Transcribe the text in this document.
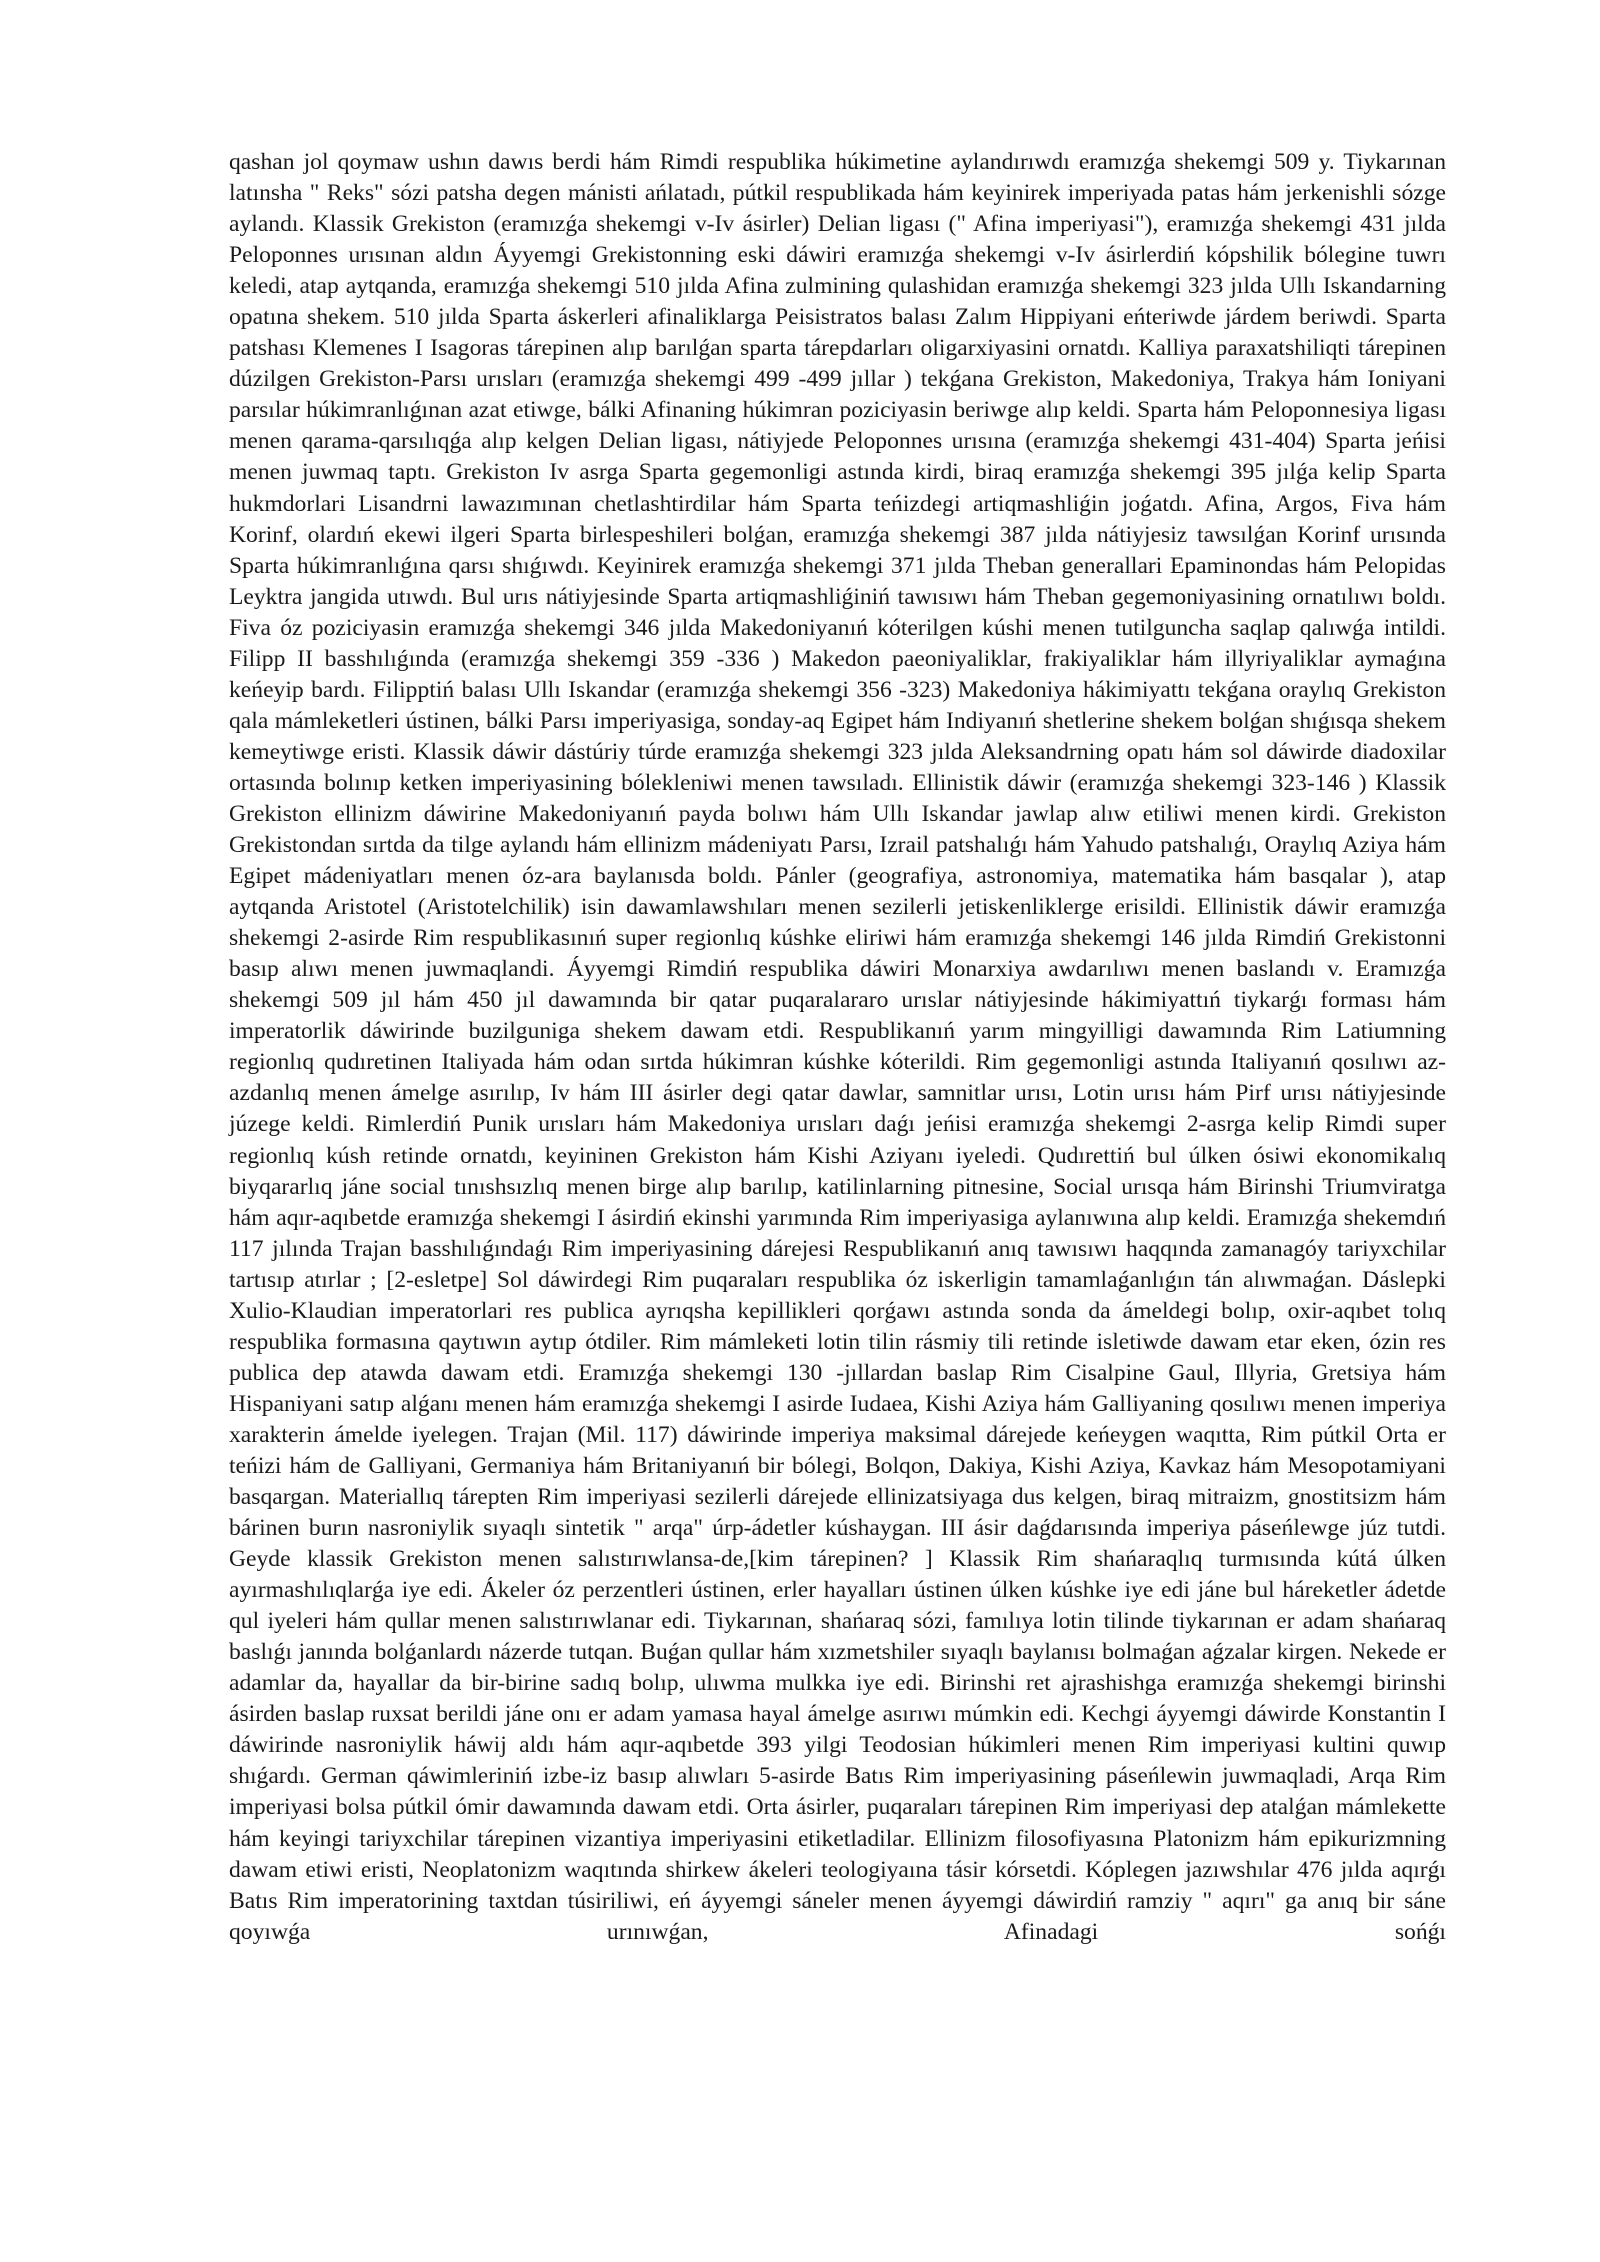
qashan jol qoymaw ushın dawıs berdi hám Rimdi respublika húkimetine aylandırıwdı eramızǵa shekemgi 509 y. Tiykarınan latınsha " Reks" sózi patsha degen mánisti ańlatadı, pútkil respublikada hám keyinirek imperiyada patas hám jerkenishli sózge aylandı. Klassik Grekiston (eramızǵa shekemgi v-Iv ásirler) Delian ligası (" Afina imperiyasi"), eramızǵa shekemgi 431 jılda Peloponnes urısınan aldın Áyyemgi Grekistonning eski dáwiri eramızǵa shekemgi v-Iv ásirlerdiń kópshilik bólegine tuwrı keledi, atap aytqanda, eramızǵa shekemgi 510 jılda Afina zulmining qulashidan eramızǵa shekemgi 323 jılda Ullı Iskandarning opatına shekem. 510 jılda Sparta áskerleri afinaliklarga Peisistratos balası Zalım Hippiyani eńteriwde járdem beriwdi. Sparta patshası Klemenes I Isagoras tárepinen alıp barılǵan sparta tárepdarları oligarxiyasini ornatdı. Kalliya paraxatshiliqti tárepinen dúzilgen Grekiston-Parsı urısları (eramızǵa shekemgi 499 -499 jıllar ) tekǵana Grekiston, Makedoniya, Trakya hám Ioniyani parsılar húkimranlıǵınan azat etiwge, bálki Afinaning húkimran poziciyasin beriwge alıp keldi. Sparta hám Peloponnesiya ligası menen qarama-qarsılıqǵa alıp kelgen Delian ligası, nátiyjede Peloponnes urısına (eramızǵa shekemgi 431-404) Sparta jeńisi menen juwmaq taptı. Grekiston Iv asrga Sparta gegemonligi astında kirdi, biraq eramızǵa shekemgi 395 jılǵa kelip Sparta hukmdorlari Lisandrni lawazımınan chetlashtirdilar hám Sparta teńizdegi artiqmashliǵin joǵatdı. Afina, Argos, Fiva hám Korinf, olardıń ekewi ilgeri Sparta birlespeshileri bolǵan, eramızǵa shekemgi 387 jılda nátiyjesiz tawsılǵan Korinf urısında Sparta húkimranlıǵına qarsı shıǵıwdı. Keyinirek eramızǵa shekemgi 371 jılda Theban generallari Epaminondas hám Pelopidas Leyktra jangida utıwdı. Bul urıs nátiyjesinde Sparta artiqmashliǵiniń tawısıwı hám Theban gegemoniyasining ornatılıwı boldı. Fiva óz poziciyasin eramızǵa shekemgi 346 jılda Makedoniyanıń kóterilgen kúshi menen tutilguncha saqlap qalıwǵa intildi. Filipp II basshılıǵında (eramızǵa shekemgi 359 -336 ) Makedon paeoniyaliklar, frakiyaliklar hám illyriyaliklar aymaǵına keńeyip bardı. Filipptiń balası Ullı Iskandar (eramızǵa shekemgi 356 -323) Makedoniya hákimiyattı tekǵana oraylıq Grekiston qala mámleketleri ústinen, bálki Parsı imperiyasiga, sonday-aq Egipet hám Indiyanıń shetlerine shekem bolǵan shıǵısqa shekem kemeytiwge eristi. Klassik dáwir dástúriy túrde eramızǵa shekemgi 323 jılda Aleksandrning opatı hám sol dáwirde diadoxilar ortasında bolınıp ketken imperiyasining bólekleniwi menen tawsıladı. Ellinistik dáwir (eramızǵa shekemgi 323-146 ) Klassik Grekiston ellinizm dáwirine Makedoniyanıń payda bolıwı hám Ullı Iskandar jawlap alıw etiliwi menen kirdi. Grekiston Grekistondan sırtda da tilge aylandı hám ellinizm mádeniyatı Parsı, Izrail patshalıǵı hám Yahudo patshalıǵı, Oraylıq Aziya hám Egipet mádeniyatları menen óz-ara baylanısda boldı. Pánler (geografiya, astronomiya, matematika hám basqalar ), atap aytqanda Aristotel (Aristotelchilik) isin dawamlawshıları menen sezilerli jetiskenliklerge erisildi. Ellinistik dáwir eramızǵa shekemgi 2-asirde Rim respublikasınıń super regionlıq kúshke eliriwi hám eramızǵa shekemgi 146 jılda Rimdiń Grekistonni basıp alıwı menen juwmaqlandi. Áyyemgi Rimdiń respublika dáwiri Monarxiya awdarılıwı menen baslandı v. Eramızǵa shekemgi 509 jıl hám 450 jıl dawamında bir qatar puqaralararo urıslar nátiyjesinde hákimiyattıń tiykarǵı forması hám imperatorlik dáwirinde buzilguniga shekem dawam etdi. Respublikanıń yarım mingyilligi dawamında Rim Latiumning regionlıq qudıretinen Italiyada hám odan sırtda húkimran kúshke kóterildi. Rim gegemonligi astında Italiyanıń qosılıwı az-azdanlıq menen ámelge asırılıp, Iv hám III ásirler degi qatar dawlar, samnitlar urısı, Lotin urısı hám Pirf urısı nátiyjesinde júzege keldi. Rimlerdiń Punik urısları hám Makedoniya urısları daǵı jeńisi eramızǵa shekemgi 2-asrga kelip Rimdi super regionlıq kúsh retinde ornatdı, keyininen Grekiston hám Kishi Aziyanı iyeledi. Qudırettiń bul úlken ósiwi ekonomikalıq biyqararlıq jáne social tınıshsızlıq menen birge alıp barılıp, katilinlarning pitnesine, Social urısqa hám Birinshi Triumviratga hám aqır-aqıbetde eramızǵa shekemgi I ásirdiń ekinshi yarımında Rim imperiyasiga aylanıwına alıp keldi. Eramızǵa shekemdıń 117 jılında Trajan basshılıǵındaǵı Rim imperiyasining dárejesi Respublikanıń anıq tawısıwı haqqında zamanagóy tariyxchilar tartısıp atırlar ; [2-esletpe] Sol dáwirdegi Rim puqaraları respublika óz iskerligin tamamlaǵanlıǵın tán alıwmaǵan. Dáslepki Xulio-Klaudian imperatorlari res publica ayrıqsha kepillikleri qorǵawı astında sonda da ámeldegi bolıp, oxir-aqıbet tolıq respublika formasına qaytıwın aytıp ótdiler. Rim mámleketi lotin tilin rásmiy tili retinde isletiwde dawam etar eken, ózin res publica dep atawda dawam etdi. Eramızǵa shekemgi 130 -jıllardan baslap Rim Cisalpine Gaul, Illyria, Gretsiya hám Hispaniyani satıp alǵanı menen hám eramızǵa shekemgi I asirde Iudaea, Kishi Aziya hám Galliyaning qosılıwı menen imperiya xarakterin ámelde iyelegen. Trajan (Mil. 117) dáwirinde imperiya maksimal dárejede keńeygen waqıtta, Rim pútkil Orta er teńizi hám de Galliyani, Germaniya hám Britaniyanıń bir bólegi, Bolqon, Dakiya, Kishi Aziya, Kavkaz hám Mesopotamiyani basqargan. Materiallıq tárepten Rim imperiyasi sezilerli dárejede ellinizatsiyaga dus kelgen, biraq mitraizm, gnostitsizm hám bárinen burın nasroniylik sıyaqlı sintetik " arqa" úrp-ádetler kúshaygan. III ásir daǵdarısında imperiya páseńlewge júz tutdi. Geyde klassik Grekiston menen salıstırıwlansa-de,[kim tárepinen? ] Klassik Rim shańaraqlıq turmısında kútá úlken ayırmashılıqlarǵa iye edi. Ákeler óz perzentleri ústinen, erler hayalları ústinen úlken kúshke iye edi jáne bul háreketler ádetde qul iyeleri hám qullar menen salıstırıwlanar edi. Tiykarınan, shańaraq sózi, famılıya lotin tilinde tiykarınan er adam shańaraq baslıǵı janında bolǵanlardı názerde tutqan. Buǵan qullar hám xızmetshiler sıyaqlı baylanısı bolmaǵan aǵzalar kirgen. Nekede er adamlar da, hayallar da bir-birine sadıq bolıp, ulıwma mulkka iye edi. Birinshi ret ajrashishga eramızǵa shekemgi birinshi ásirden baslap ruxsat berildi jáne onı er adam yamasa hayal ámelge asırıwı múmkin edi. Kechgi áyyemgi dáwirde Konstantin I dáwirinde nasroniylik háwij aldı hám aqır-aqıbetde 393 yilgi Teodosian húkimleri menen Rim imperiyasi kultini quwıp shıǵardı. German qáwimleriniń izbe-iz basıp alıwları 5-asirde Batıs Rim imperiyasining páseńlewin juwmaqladi, Arqa Rim imperiyasi bolsa pútkil ómir dawamında dawam etdi. Orta ásirler, puqaraları tárepinen Rim imperiyasi dep atalǵan mámlekette hám keyingi tariyxchilar tárepinen vizantiya imperiyasini etiketladilar. Ellinizm filosofiyasına Platonizm hám epikurizmning dawam etiwi eristi, Neoplatonizm waqıtında shirkew ákeleri teologiyaına tásir kórsetdi. Kóplegen jazıwshılar 476 jılda aqırǵı Batıs Rim imperatorining taxtdan túsiriliwi, eń áyyemgi sáneler menen áyyemgi dáwirdiń ramziy " aqırı" ga anıq bir sáne qoyıwǵa urınıwǵan, Afinadagi sońǵı
